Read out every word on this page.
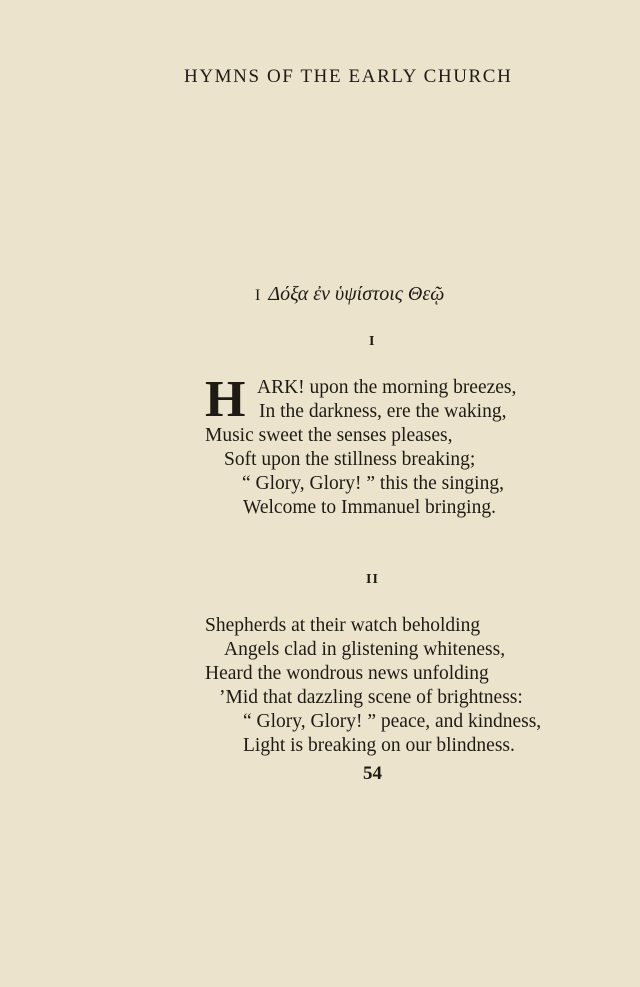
HYMNS OF THE EARLY CHURCH
I Δόξα ἐν ὑψίστοις Θεῷ
I
H ARK! upon the morning breezes,
In the darkness, ere the waking,
Music sweet the senses pleases,
Soft upon the stillness breaking;
“ Glory, Glory! ” this the singing,
Welcome to Immanuel bringing.
II
Shepherds at their watch beholding
Angels clad in glistening whiteness,
Heard the wondrous news unfolding
’Mid that dazzling scene of brightness:
“ Glory, Glory! ” peace, and kindness,
Light is breaking on our blindness.
54
